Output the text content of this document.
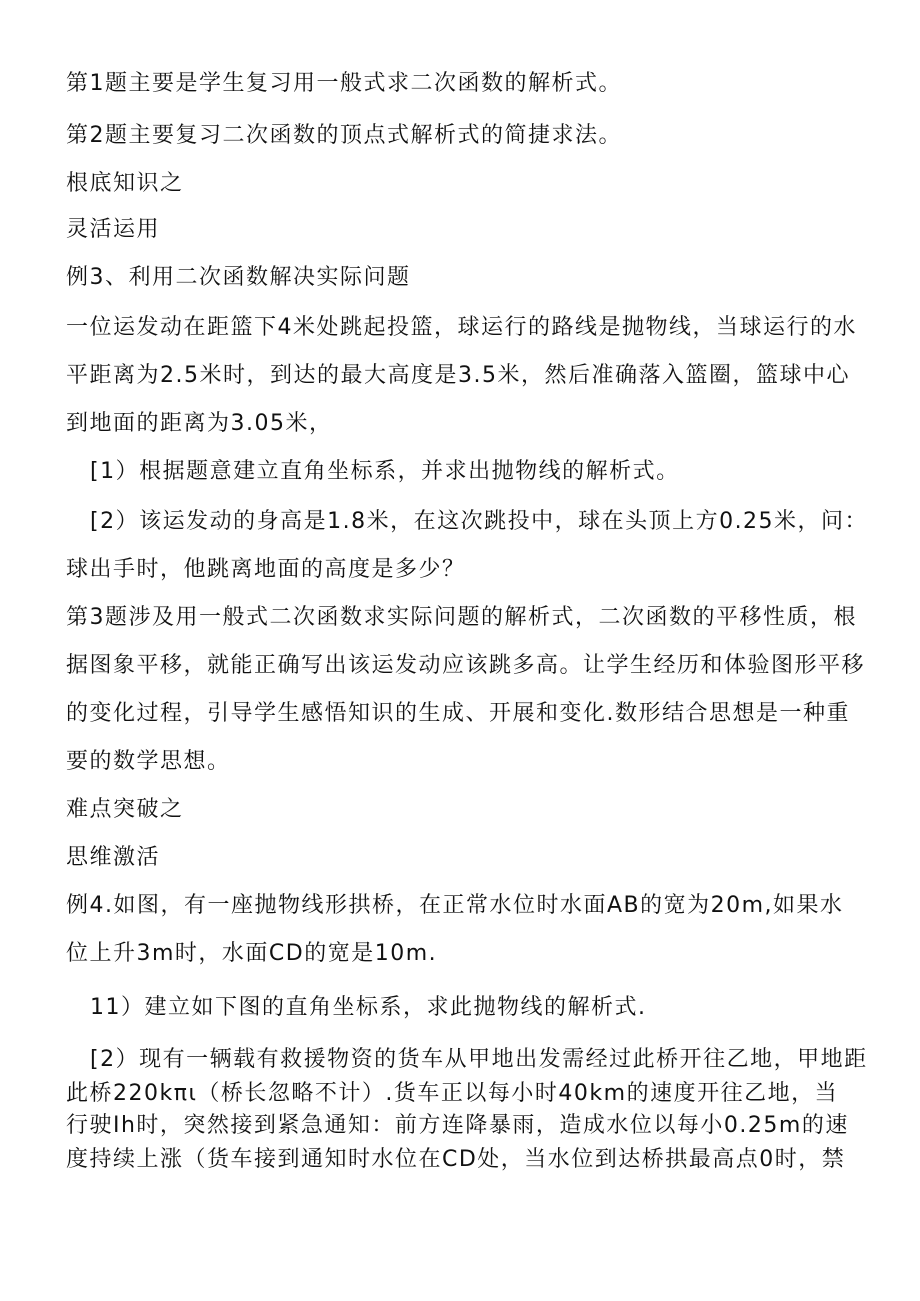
第1题主要是学生复习用一般式求二次函数的解析式。
第2题主要复习二次函数的顶点式解析式的简捷求法。
根底知识之
灵活运用
例3、利用二次函数解决实际问题
一位运发动在距篮下4米处跳起投篮，球运行的路线是抛物线，当球运行的水
平距离为2.5米时，到达的最大高度是3.5米，然后准确落入篮圈，篮球中心
到地面的距离为3.05米，
[1）根据题意建立直角坐标系，并求出抛物线的解析式。
[2）该运发动的身高是1.8米，在这次跳投中，球在头顶上方0.25米，问：
球出手时，他跳离地面的高度是多少？
第3题涉及用一般式二次函数求实际问题的解析式，二次函数的平移性质，根
据图象平移，就能正确写出该运发动应该跳多高。让学生经历和体验图形平移
的变化过程，引导学生感悟知识的生成、开展和变化.数形结合思想是一种重
要的数学思想。
难点突破之
思维激活
例4.如图，有一座抛物线形拱桥，在正常水位时水面AB的宽为20m,如果水
位上升3m时，水面CD的宽是10m.
11）建立如下图的直角坐标系，求此抛物线的解析式.
[2）现有一辆载有救援物资的货车从甲地出发需经过此桥开往乙地，甲地距
此桥220kπι（桥长忽略不计）.货车正以每小时40km的速度开往乙地，当
行驶Ih时，突然接到紧急通知：前方连降暴雨，造成水位以每小0.25m的速
度持续上涨（货车接到通知时水位在CD处，当水位到达桥拱最高点0时，禁
